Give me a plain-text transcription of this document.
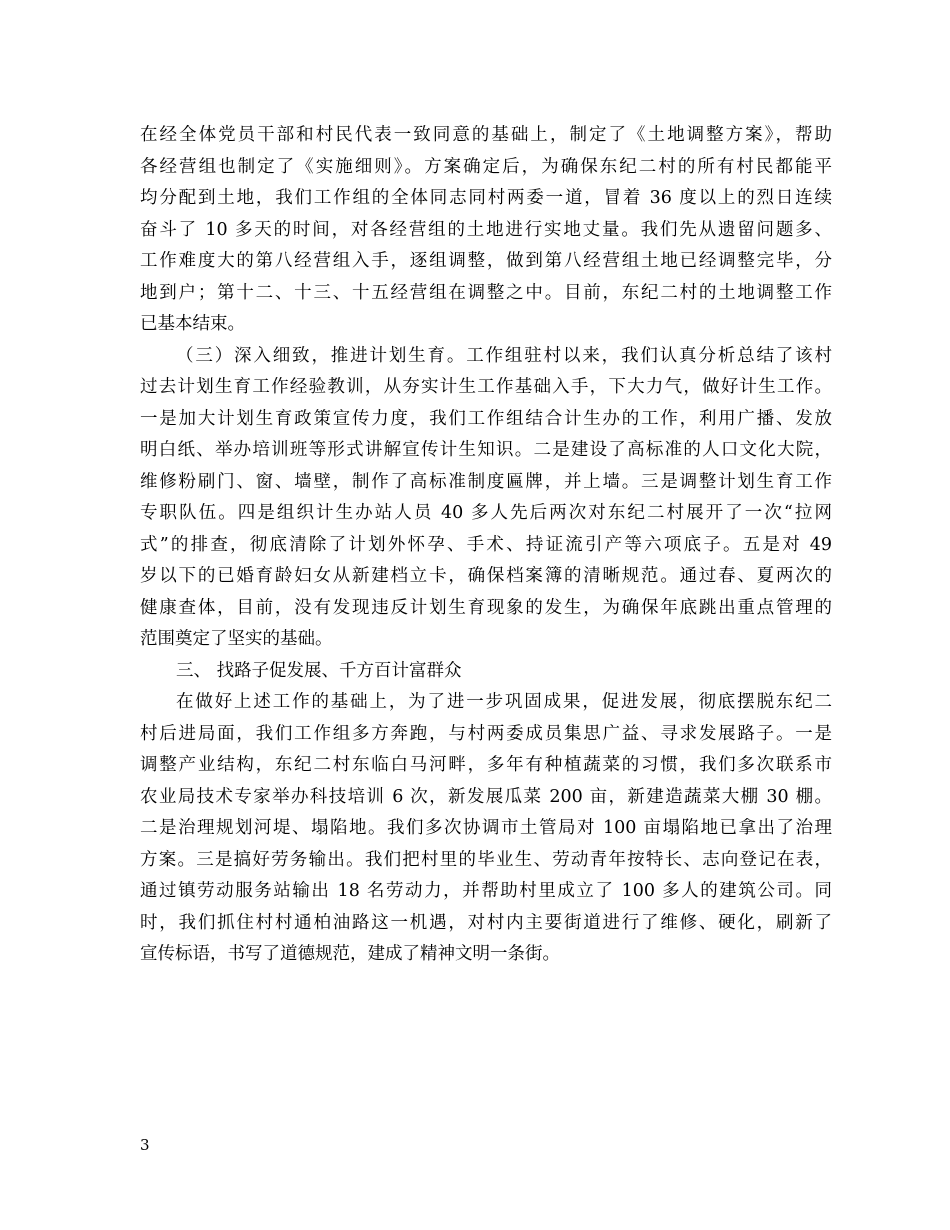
在经全体党员干部和村民代表一致同意的基础上，制定了《土地调整方案》，帮助
各经营组也制定了《实施细则》。方案确定后，为确保东纪二村的所有村民都能平
均分配到土地，我们工作组的全体同志同村两委一道，冒着 36 度以上的烈日连续
奋斗了 10 多天的时间，对各经营组的土地进行实地丈量。我们先从遗留问题多、
工作难度大的第八经营组入手，逐组调整，做到第八经营组土地已经调整完毕，分
地到户；第十二、十三、十五经营组在调整之中。目前，东纪二村的土地调整工作
已基本结束。
（三）深入细致，推进计划生育。工作组驻村以来，我们认真分析总结了该村
过去计划生育工作经验教训，从夯实计生工作基础入手，下大力气，做好计生工作。
一是加大计划生育政策宣传力度，我们工作组结合计生办的工作，利用广播、发放
明白纸、举办培训班等形式讲解宣传计生知识。二是建设了高标准的人口文化大院，
维修粉刷门、窗、墙壁，制作了高标准制度匾牌，并上墙。三是调整计划生育工作
专职队伍。四是组织计生办站人员 40 多人先后两次对东纪二村展开了一次“拉网
式”的排查，彻底清除了计划外怀孕、手术、持证流引产等六项底子。五是对 49
岁以下的已婚育龄妇女从新建档立卡，确保档案簿的清晰规范。通过春、夏两次的
健康查体，目前，没有发现违反计划生育现象的发生，为确保年底跳出重点管理的
范围奠定了坚实的基础。
三、 找路子促发展、千方百计富群众
在做好上述工作的基础上，为了进一步巩固成果，促进发展，彻底摆脱东纪二
村后进局面，我们工作组多方奔跑，与村两委成员集思广益、寻求发展路子。一是
调整产业结构，东纪二村东临白马河畔，多年有种植蔬菜的习惯，我们多次联系市
农业局技术专家举办科技培训 6 次，新发展瓜菜 200 亩，新建造蔬菜大棚 30 棚。
二是治理规划河堤、塌陷地。我们多次协调市土管局对 100 亩塌陷地已拿出了治理
方案。三是搞好劳务输出。我们把村里的毕业生、劳动青年按特长、志向登记在表，
通过镇劳动服务站输出 18 名劳动力，并帮助村里成立了 100 多人的建筑公司。同
时，我们抓住村村通柏油路这一机遇，对村内主要街道进行了维修、硬化，刷新了
宣传标语，书写了道德规范，建成了精神文明一条街。
3
